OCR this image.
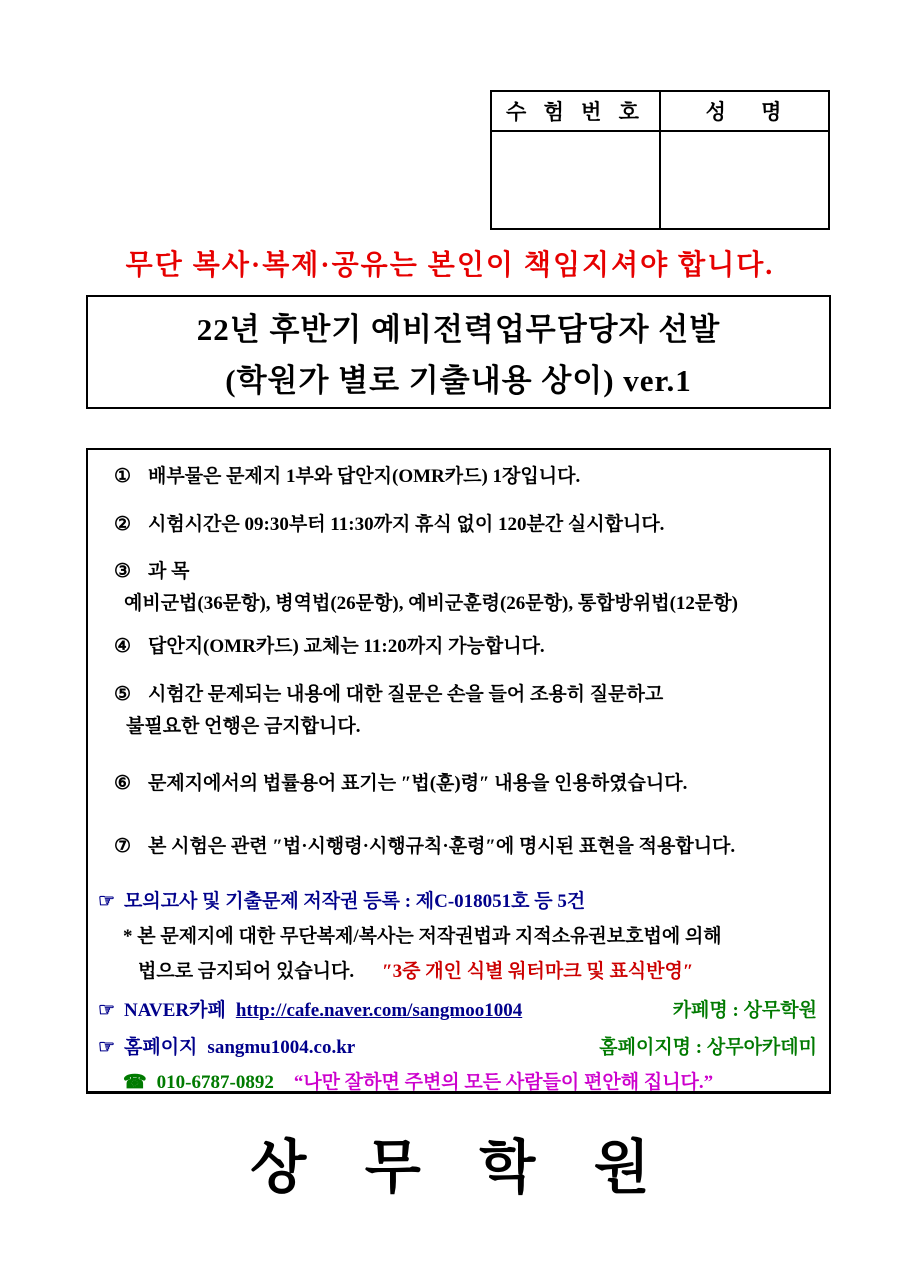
수 험 번 호	성 명

무단 복사·복제·공유는 본인이 책임지셔야 합니다.
22년 후반기 예비전력업무담당자 선발
(학원가 별로 기출내용 상이) ver.1
① 배부물은 문제지 1부와 답안지(OMR카드) 1장입니다.
② 시험시간은 09:30부터 11:30까지 휴식 없이 120분간 실시합니다.
③ 과 목
예비군법(36문항), 병역법(26문항), 예비군훈령(26문항), 통합방위법(12문항)
④ 답안지(OMR카드) 교체는 11:20까지 가능합니다.
⑤ 시험간 문제되는 내용에 대한 질문은 손을 들어 조용히 질문하고
불필요한 언행은 금지합니다.
⑥ 문제지에서의 법률용어 표기는 ″법(훈)령″ 내용을 인용하였습니다.
⑦ 본 시험은 관련 ″법·시행령·시행규칙·훈령″에 명시된 표현을 적용합니다.
☞ 모의고사 및 기출문제 저작권 등록 : 제C-018051호 등 5건
* 본 문제지에 대한 무단복제/복사는 저작권법과 지적소유권보호법에 의해
법으로 금지되어 있습니다. ″3중 개인 식별 워터마크 및 표식반영″
☞ NAVER카페 http://cafe.naver.com/sangmoo1004	카페명 : 상무학원
☞ 홈페이지 sangmu1004.co.kr	홈페이지명 : 상무아카데미
☎ 010-6787-0892 “나만 잘하면 주변의 모든 사람들이 편안해 집니다.”
상 무 학 원
